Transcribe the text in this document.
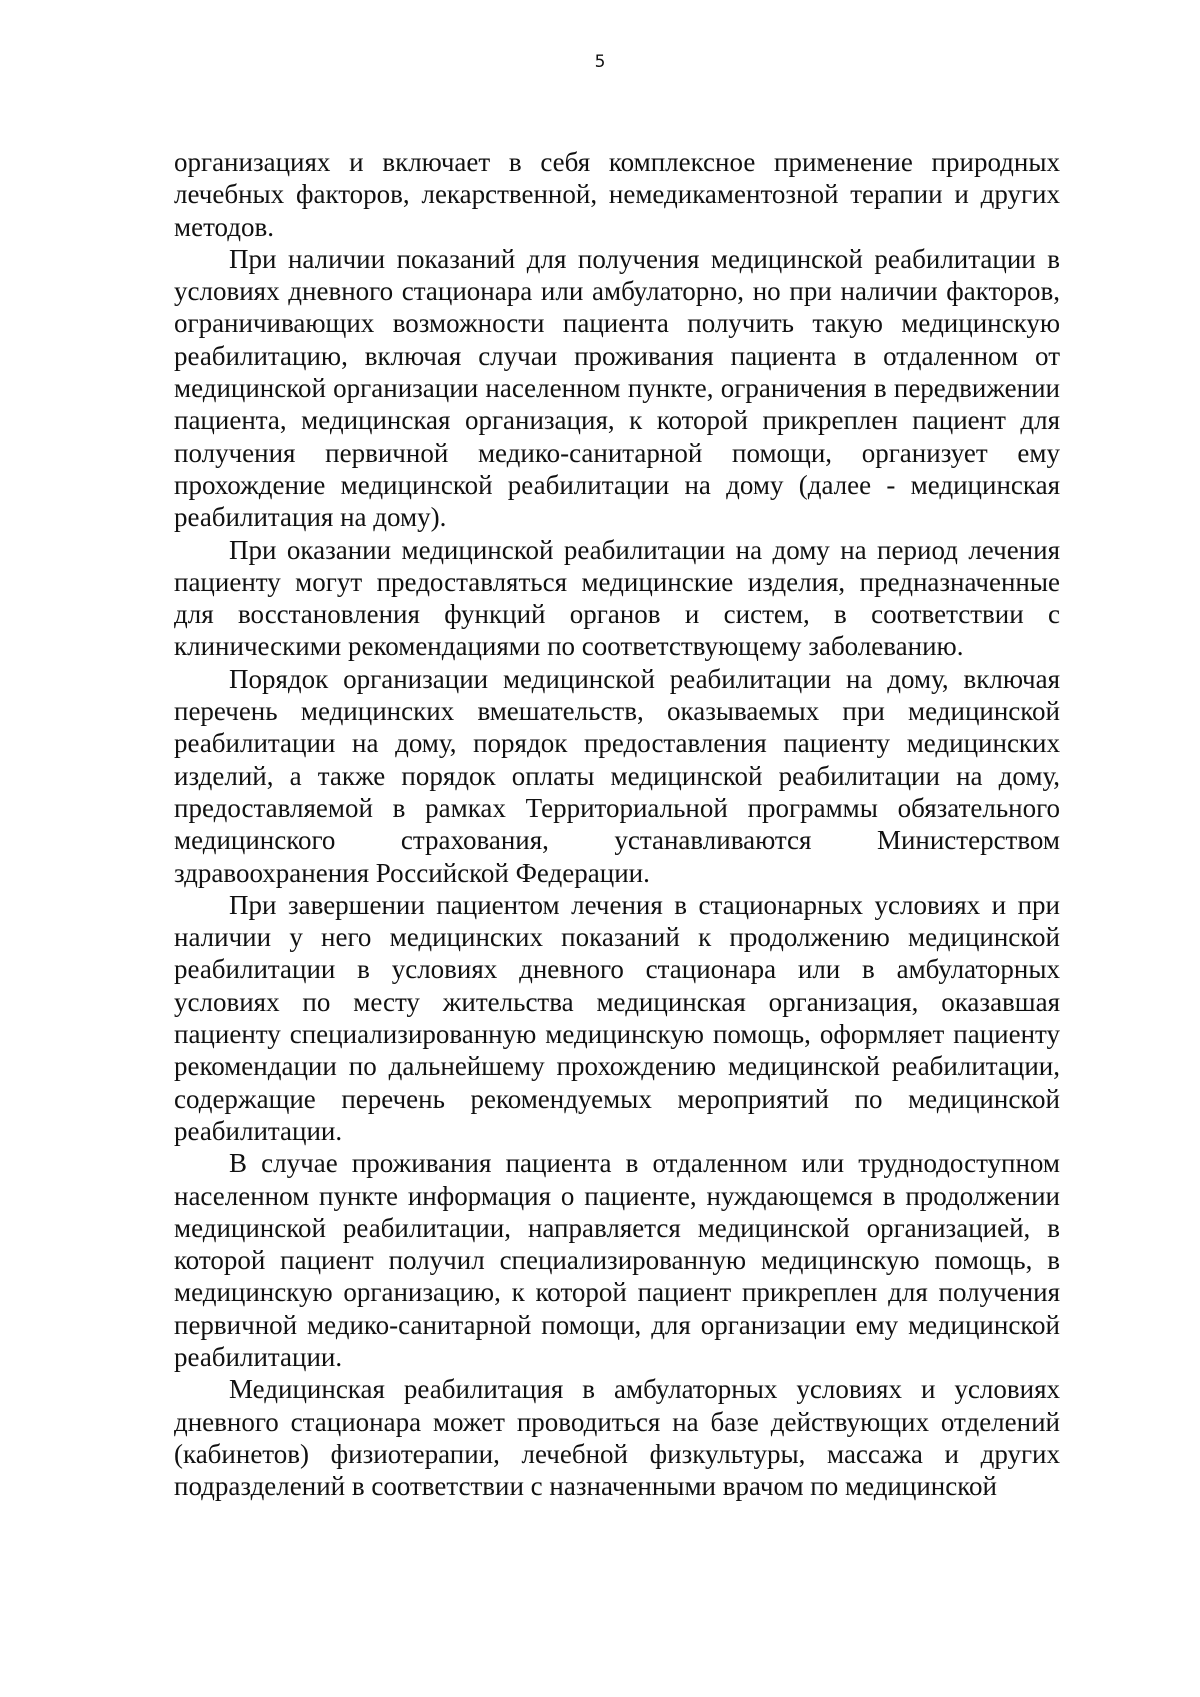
5

организациях и включает в себя комплексное применение природных лечебных факторов, лекарственной, немедикаментозной терапии и других методов.

При наличии показаний для получения медицинской реабилитации в условиях дневного стационара или амбулаторно, но при наличии факторов, ограничивающих возможности пациента получить такую медицинскую реабилитацию, включая случаи проживания пациента в отдаленном от медицинской организации населенном пункте, ограничения в передвижении пациента, медицинская организация, к которой прикреплен пациент для получения первичной медико-санитарной помощи, организует ему прохождение медицинской реабилитации на дому (далее - медицинская реабилитация на дому).

При оказании медицинской реабилитации на дому на период лечения пациенту могут предоставляться медицинские изделия, предназначенные для восстановления функций органов и систем, в соответствии с клиническими рекомендациями по соответствующему заболеванию.

Порядок организации медицинской реабилитации на дому, включая перечень медицинских вмешательств, оказываемых при медицинской реабилитации на дому, порядок предоставления пациенту медицинских изделий, а также порядок оплаты медицинской реабилитации на дому, предоставляемой в рамках Территориальной программы обязательного медицинского страхования, устанавливаются Министерством здравоохранения Российской Федерации.

При завершении пациентом лечения в стационарных условиях и при наличии у него медицинских показаний к продолжению медицинской реабилитации в условиях дневного стационара или в амбулаторных условиях по месту жительства медицинская организация, оказавшая пациенту специализированную медицинскую помощь, оформляет пациенту рекомендации по дальнейшему прохождению медицинской реабилитации, содержащие перечень рекомендуемых мероприятий по медицинской реабилитации.

В случае проживания пациента в отдаленном или труднодоступном населенном пункте информация о пациенте, нуждающемся в продолжении медицинской реабилитации, направляется медицинской организацией, в которой пациент получил специализированную медицинскую помощь, в медицинскую организацию, к которой пациент прикреплен для получения первичной медико-санитарной помощи, для организации ему медицинской реабилитации.

Медицинская реабилитация в амбулаторных условиях и условиях дневного стационара может проводиться на базе действующих отделений (кабинетов) физиотерапии, лечебной физкультуры, массажа и других подразделений в соответствии с назначенными врачом по медицинской
